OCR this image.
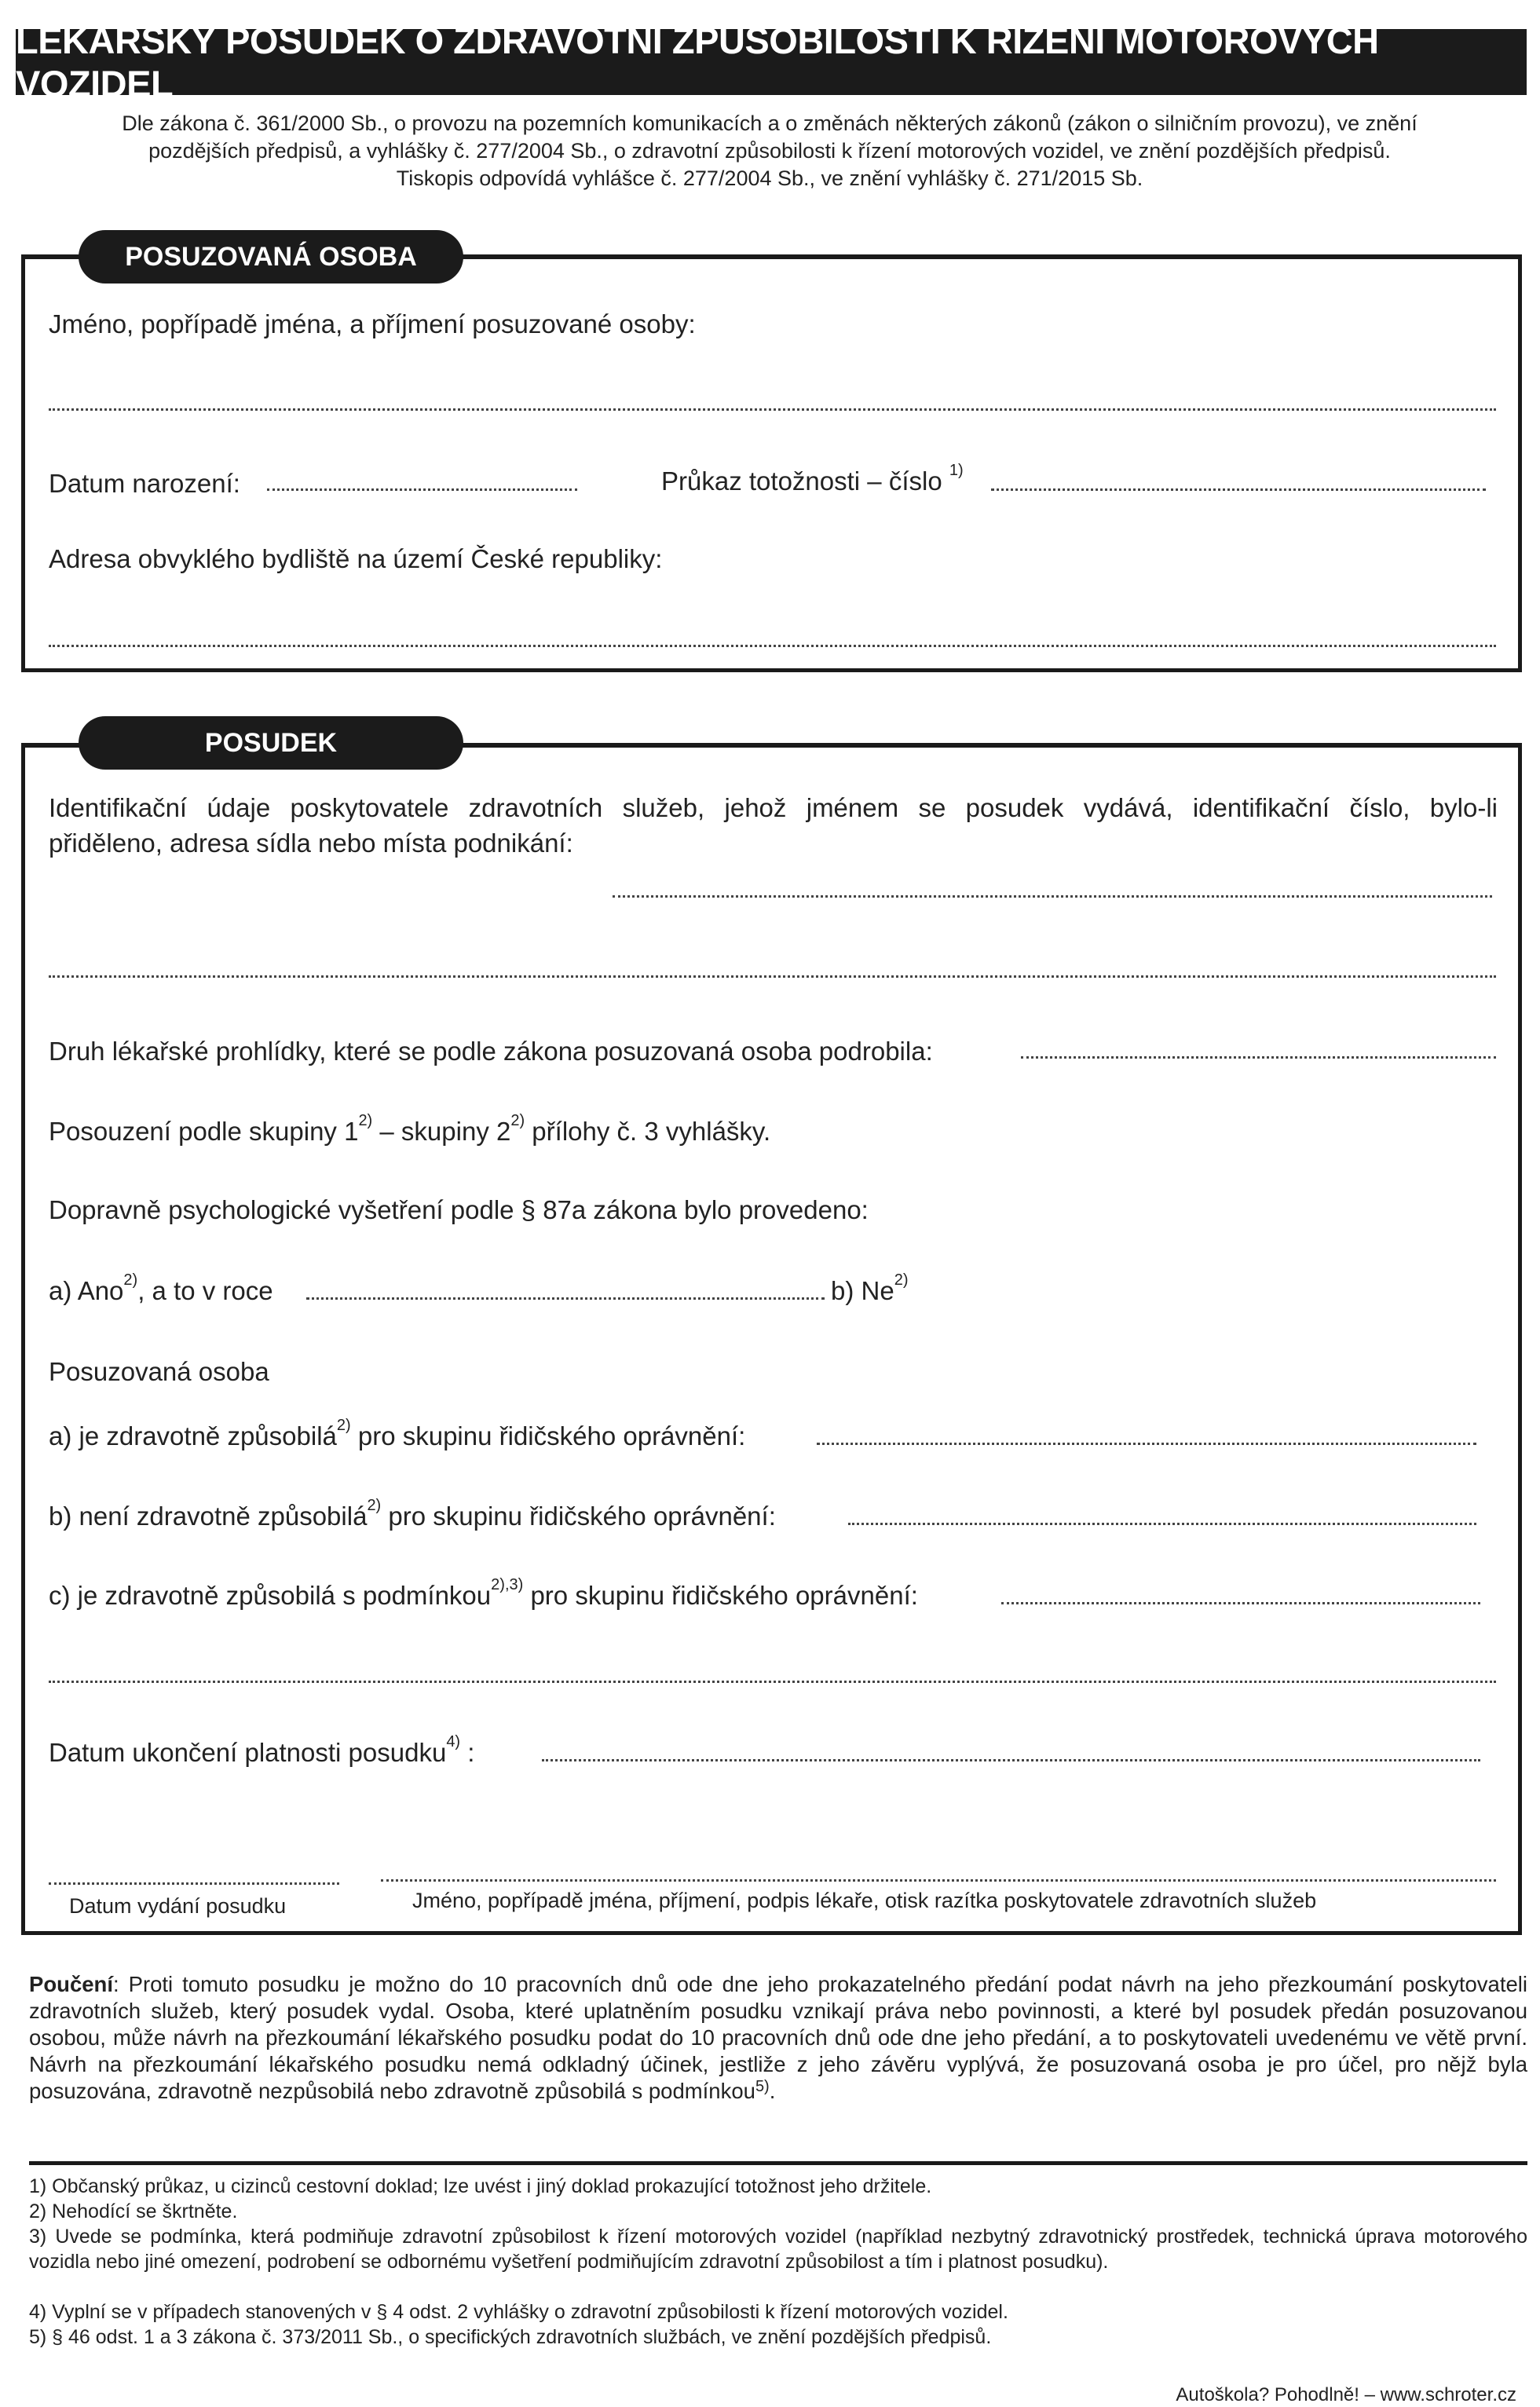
LÉKAŘSKÝ POSUDEK O ZDRAVOTNÍ ZPŮSOBILOSTI K ŘÍZENÍ MOTOROVÝCH VOZIDEL
Dle zákona č. 361/2000 Sb., o provozu na pozemních komunikacích a o změnách některých zákonů (zákon o silničním provozu), ve znění
pozdějších předpisů, a vyhlášky č. 277/2004 Sb., o zdravotní způsobilosti k řízení motorových vozidel, ve znění pozdějších předpisů.
Tiskopis odpovídá vyhlášce č. 277/2004 Sb., ve znění vyhlášky č. 271/2015 Sb.
POSUZOVANÁ OSOBA
Jméno, popřípadě jména, a příjmení posuzované osoby:
Datum narození:	Průkaz totožnosti – číslo $^{1)}$
Adresa obvyklého bydliště na území České republiky:
POSUDEK
Identifikační údaje poskytovatele zdravotních služeb, jehož jménem se posudek vydává, identifikační číslo, bylo-li
přiděleno, adresa sídla nebo místa podnikání:
Druh lékařské prohlídky, které se podle zákona posuzovaná osoba podrobila:
Posouzení podle skupiny 1$^{2)}$ – skupiny 2$^{2)}$ přílohy č. 3 vyhlášky.
Dopravně psychologické vyšetření podle § 87a zákona bylo provedeno:
a) Ano$^{2)}$, a to v roce	b) Ne$^{2)}$
Posuzovaná osoba
a) je zdravotně způsobilá$^{2)}$ pro skupinu řidičského oprávnění:
b) není zdravotně způsobilá$^{2)}$ pro skupinu řidičského oprávnění:
c) je zdravotně způsobilá s podmínkou$^{2),3)}$ pro skupinu řidičského oprávnění:
Datum ukončení platnosti posudku$^{4)}$ :
Datum vydání posudku	Jméno, popřípadě jména, příjmení, podpis lékaře, otisk razítka poskytovatele zdravotních služeb
Poučení: Proti tomuto posudku je možno do 10 pracovních dnů ode dne jeho prokazatelného předání podat návrh na jeho přezkoumání poskytovateli zdravotních služeb, který posudek vydal. Osoba, které uplatněním posudku vznikají práva nebo povinnosti, a které byl posudek předán posuzovanou osobou, může návrh na přezkoumání lékařského posudku podat do 10 pracovních dnů ode dne jeho předání, a to poskytovateli uvedenému ve větě první. Návrh na přezkoumání lékařského posudku nemá odkladný účinek, jestliže z jeho závěru vyplývá, že posuzovaná osoba je pro účel, pro nějž byla posuzována, zdravotně nezpůsobilá nebo zdravotně způsobilá s podmínkou$^{5)}$.
1) Občanský průkaz, u cizinců cestovní doklad; lze uvést i jiný doklad prokazující totožnost jeho držitele.
2) Nehodící se škrtněte.
3) Uvede se podmínka, která podmiňuje zdravotní způsobilost k řízení motorových vozidel (například nezbytný zdravotnický prostředek, technická úprava motorového vozidla nebo jiné omezení, podrobení se odbornému vyšetření podmiňujícím zdravotní způsobilost a tím i platnost posudku).
4) Vyplní se v případech stanovených v § 4 odst. 2 vyhlášky o zdravotní způsobilosti k řízení motorových vozidel.
5) § 46 odst. 1 a 3 zákona č. 373/2011 Sb., o specifických zdravotních službách, ve znění pozdějších předpisů.
Autoškola? Pohodlně! – www.schroter.cz
